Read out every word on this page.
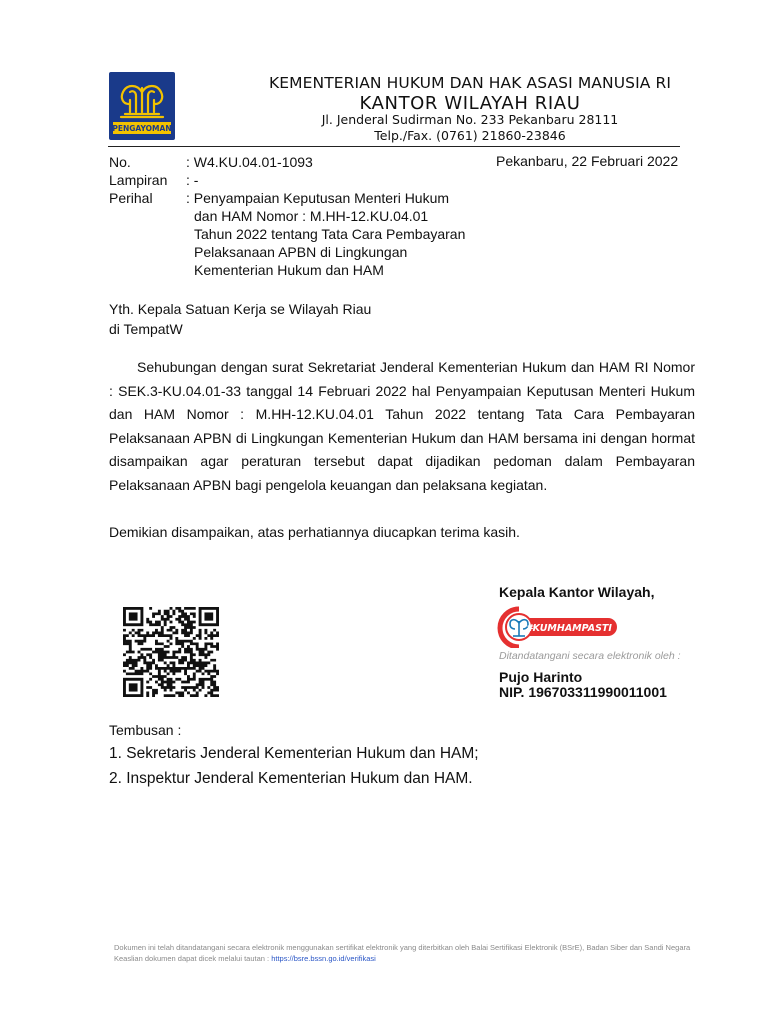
PENGAYOMAN
KEMENTERIAN HUKUM DAN HAK ASASI MANUSIA RI
KANTOR WILAYAH RIAU
Jl. Jenderal Sudirman No. 233 Pekanbaru 28111
Telp./Fax. (0761) 21860-23846
No.	: W4.KU.04.01-1093	Pekanbaru, 22 Februari 2022
Lampiran : -
Perihal : Penyampaian Keputusan Menteri Hukum
dan HAM Nomor : M.HH-12.KU.04.01
Tahun 2022 tentang Tata Cara Pembayaran
Pelaksanaan APBN di Lingkungan
Kementerian Hukum dan HAM
Yth. Kepala Satuan Kerja se Wilayah Riau
di TempatW

Sehubungan dengan surat Sekretariat Jenderal Kementerian Hukum dan HAM RI Nomor : SEK.3-KU.04.01-33 tanggal 14 Februari 2022 hal Penyampaian Keputusan Menteri Hukum dan HAM Nomor : M.HH-12.KU.04.01 Tahun 2022 tentang Tata Cara Pembayaran Pelaksanaan APBN di Lingkungan Kementerian Hukum dan HAM bersama ini dengan hormat disampaikan agar peraturan tersebut dapat dijadikan pedoman dalam Pembayaran Pelaksanaan APBN bagi pengelola keuangan dan pelaksana kegiatan.

Demikian disampaikan, atas perhatiannya diucapkan terima kasih.
Kepala Kantor Wilayah,
#KUMHAMPASTI
Ditandatangani secara elektronik oleh :
Pujo Harinto
NIP. 196703311990011001
Tembusan :
1. Sekretaris Jenderal Kementerian Hukum dan HAM;
2. Inspektur Jenderal Kementerian Hukum dan HAM.
Dokumen ini telah ditandatangani secara elektronik menggunakan sertifikat elektronik yang diterbitkan oleh Balai Sertifikasi Elektronik (BSrE), Badan Siber dan Sandi Negara
Keaslian dokumen dapat dicek melalui tautan : https://bsre.bssn.go.id/verifikasi
